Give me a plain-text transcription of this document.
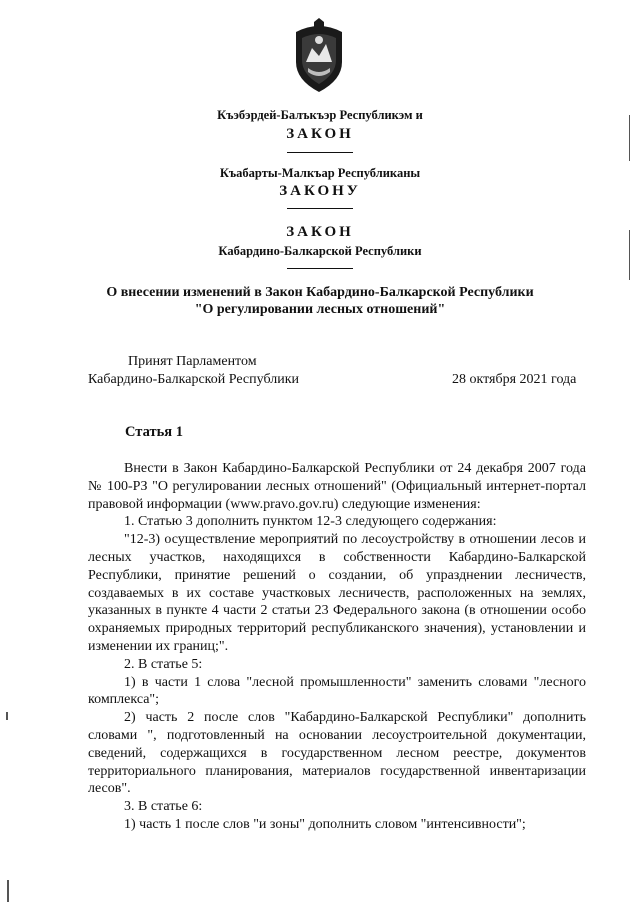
Къэбэрдей-Балъкъэр Республикэм и
ЗАКОН
Къабарты-Малкъар Республиканы
ЗАКОНУ
ЗАКОН
Кабардино-Балкарской Республики
О внесении изменений в Закон Кабардино-Балкарской Республики
"О регулировании лесных отношений"
Принят Парламентом
Кабардино-Балкарской Республики	28 октября 2021 года
Статья 1

Внести в Закон Кабардино-Балкарской Республики от 24 декабря 2007 года № 100-РЗ "О регулировании лесных отношений" (Официальный интернет-портал правовой информации (www.pravo.gov.ru) следующие изменения:

1. Статью 3 дополнить пунктом 12-3 следующего содержания:

"12-3) осуществление мероприятий по лесоустройству в отношении лесов и лесных участков, находящихся в собственности Кабардино-Балкарской Республики, принятие решений о создании, об упразднении лесничеств, создаваемых в их составе участковых лесничеств, расположенных на землях, указанных в пункте 4 части 2 статьи 23 Федерального закона (в отношении особо охраняемых природных территорий республиканского значения), установлении и изменении их границ;".

2. В статье 5:

1) в части 1 слова "лесной промышленности" заменить словами "лесного комплекса";

2) часть 2 после слов "Кабардино-Балкарской Республики" дополнить словами ", подготовленный на основании лесоустроительной документации, сведений, содержащихся в государственном лесном реестре, документов территориального планирования, материалов государственной инвентаризации лесов".

3. В статье 6:

1) часть 1 после слов "и зоны" дополнить словом "интенсивности";
